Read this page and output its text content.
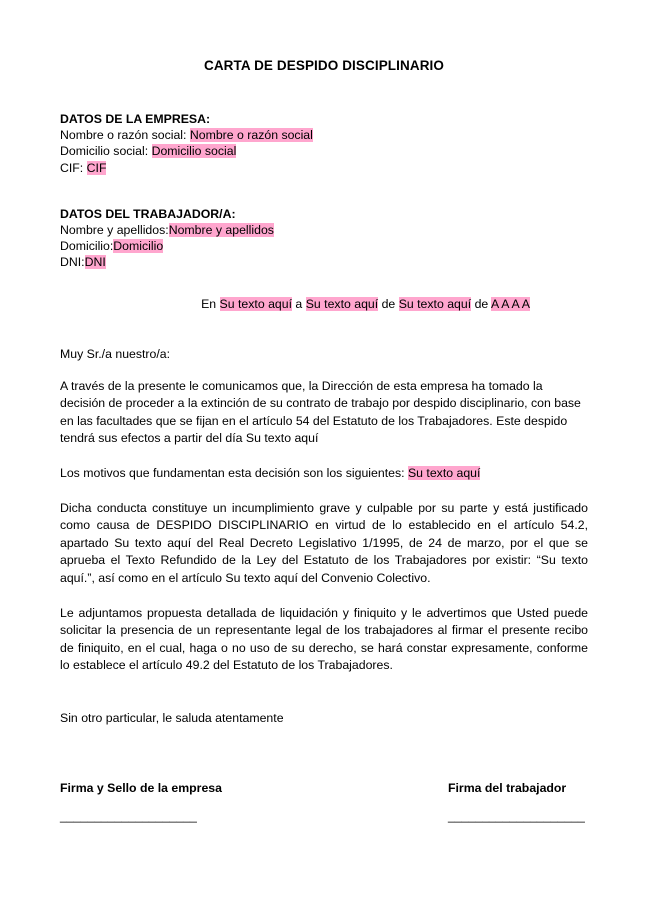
CARTA DE DESPIDO DISCIPLINARIO
DATOS DE LA EMPRESA:
Nombre o razón social: Nombre o razón social
Domicilio social: Domicilio social
CIF: CIF
DATOS DEL TRABAJADOR/A:
Nombre y apellidos:Nombre y apellidos
Domicilio:Domicilio
DNI:DNI
En Su texto aquí a Su texto aquí de Su texto aquí de A A A A
Muy Sr./a nuestro/a:

A través de la presente le comunicamos que, la Dirección de esta empresa ha tomado la decisión de proceder a la extinción de su contrato de trabajo por despido disciplinario, con base en las facultades que se fijan en el artículo 54 del Estatuto de los Trabajadores. Este despido tendrá sus efectos a partir del día Su texto aquí

Los motivos que fundamentan esta decisión son los siguientes: Su texto aquí

Dicha conducta constituye un incumplimiento grave y culpable por su parte y está justificado como causa de DESPIDO DISCIPLINARIO en virtud de lo establecido en el artículo 54.2, apartado Su texto aquí del Real Decreto Legislativo 1/1995, de 24 de marzo, por el que se aprueba el Texto Refundido de la Ley del Estatuto de los Trabajadores por existir: “Su texto aquí.”, así como en el artículo Su texto aquí del Convenio Colectivo.

Le adjuntamos propuesta detallada de liquidación y finiquito y le advertimos que Usted puede solicitar la presencia de un representante legal de los trabajadores al firmar el presente recibo de finiquito, en el cual, haga o no uso de su derecho, se hará constar expresamente, conforme lo establece el artículo 49.2 del Estatuto de los Trabajadores.

Sin otro particular, le saluda atentamente
Firma y Sello de la empresa
____________________
Firma del trabajador
____________________
